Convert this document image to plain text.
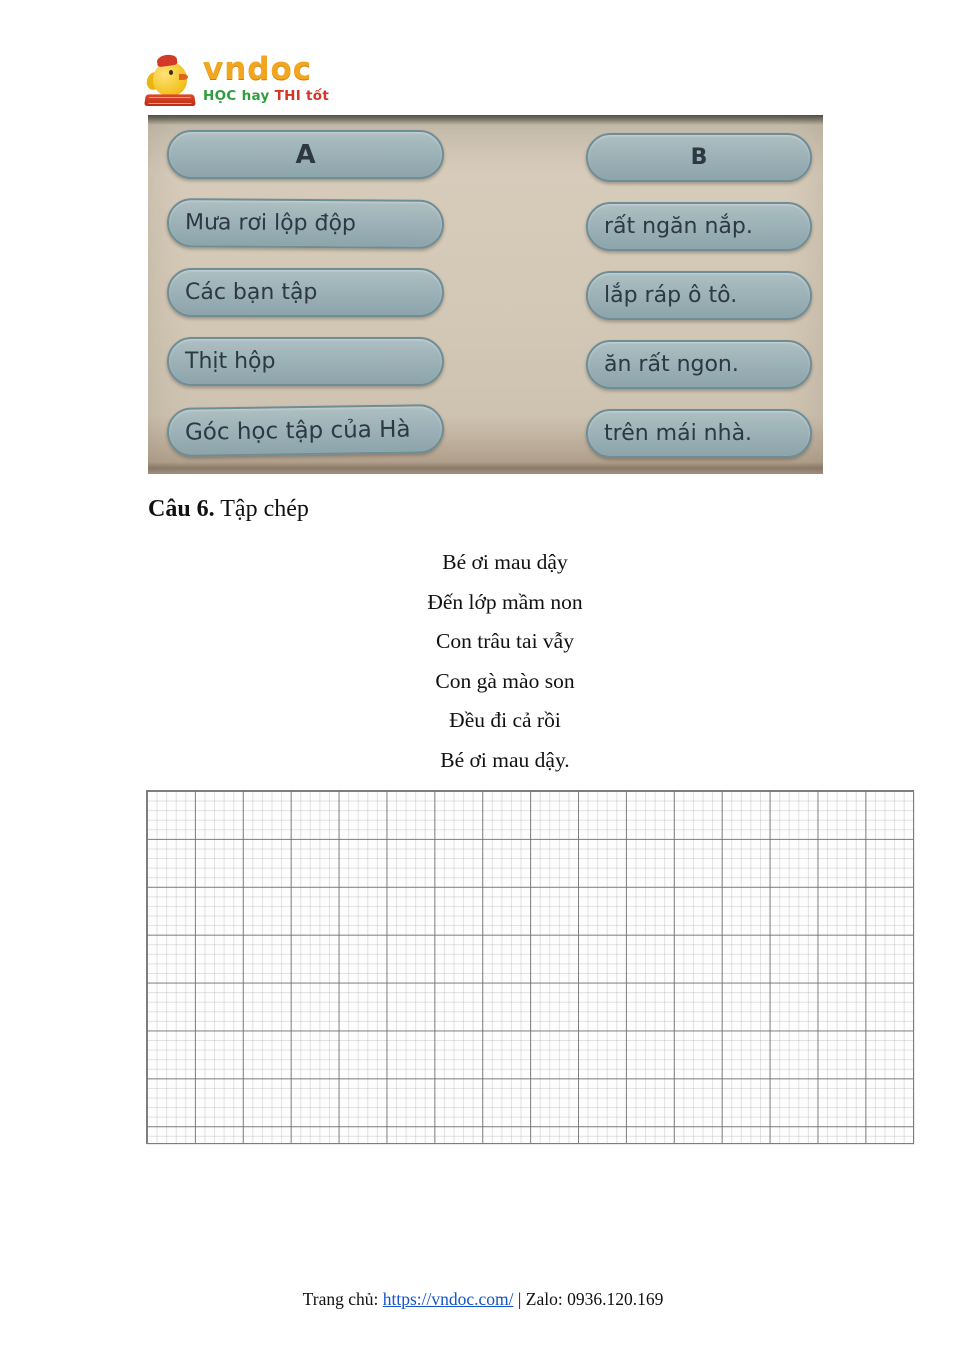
vndoc
HỌC hay THI tốt
A
Mưa rơi lộp độp
Các bạn tập
Thịt hộp
Góc học tập của Hà
B
rất ngăn nắp.
lắp ráp ô tô.
ăn rất ngon.
trên mái nhà.
Câu 6. Tập chép
Bé ơi mau dậy
Đến lớp mầm non
Con trâu tai vẫy
Con gà mào son
Đều đi cả rồi
Bé ơi mau dậy.
Trang chủ: https://vndoc.com/ | Zalo: 0936.120.169
